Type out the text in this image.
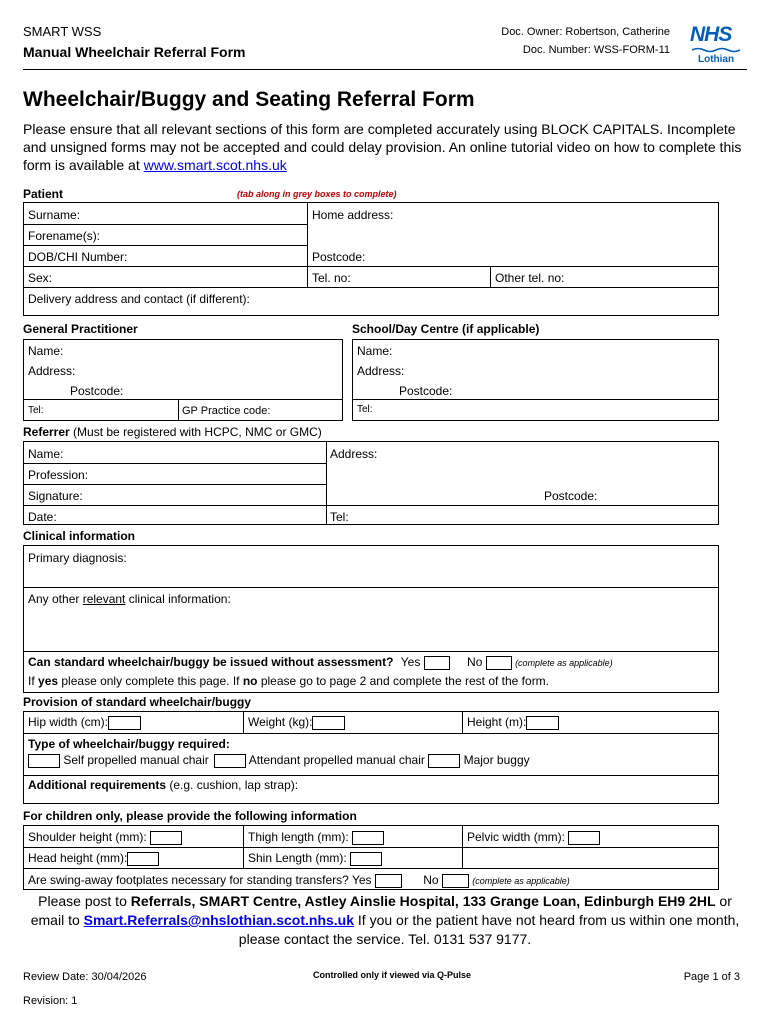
SMART WSS
Manual Wheelchair Referral Form
Doc. Owner: Robertson, Catherine
Doc. Number: WSS-FORM-11
NHS
Lothian
Wheelchair/Buggy and Seating Referral Form
Please ensure that all relevant sections of this form are completed accurately using BLOCK CAPITALS. Incomplete and unsigned forms may not be accepted and could delay provision. An online tutorial video on how to complete this form is available at www.smart.scot.nhs.uk
Patient	(tab along in grey boxes to complete)
Surname:
Forename(s):
DOB/CHI Number:
Sex:
Home address:
Postcode:
Tel. no:	Other tel. no:
Delivery address and contact (if different):
General Practitioner	School/Day Centre (if applicable)
Name:
Address:
Postcode:
Tel:	GP Practice code:
Name:
Address:
Postcode:
Tel:
Referrer (Must be registered with HCPC, NMC or GMC)
Name:
Profession:
Signature:
Date:
Address:
Postcode:
Tel:
Clinical information
Primary diagnosis:
Any other relevant clinical information:
Can standard wheelchair/buggy be issued without assessment? Yes	No	(complete as applicable)
If yes please only complete this page. If no please go to page 2 and complete the rest of the form.
Provision of standard wheelchair/buggy
Hip width (cm):	Weight (kg):	Height (m):
Type of wheelchair/buggy required:
Self propelled manual chair	Attendant propelled manual chair	Major buggy
Additional requirements (e.g. cushion, lap strap):
For children only, please provide the following information
Shoulder height (mm):	Thigh length (mm):	Pelvic width (mm):
Head height (mm):	Shin Length (mm):
Are swing-away footplates necessary for standing transfers? Yes	No	(complete as applicable)
Please post to Referrals, SMART Centre, Astley Ainslie Hospital, 133 Grange Loan, Edinburgh EH9 2HL or email to Smart.Referrals@nhslothian.scot.nhs.uk If you or the patient have not heard from us within one month, please contact the service. Tel. 0131 537 9177.
Review Date: 30/04/2026	Controlled only if viewed via Q-Pulse	Page 1 of 3
Revision: 1
